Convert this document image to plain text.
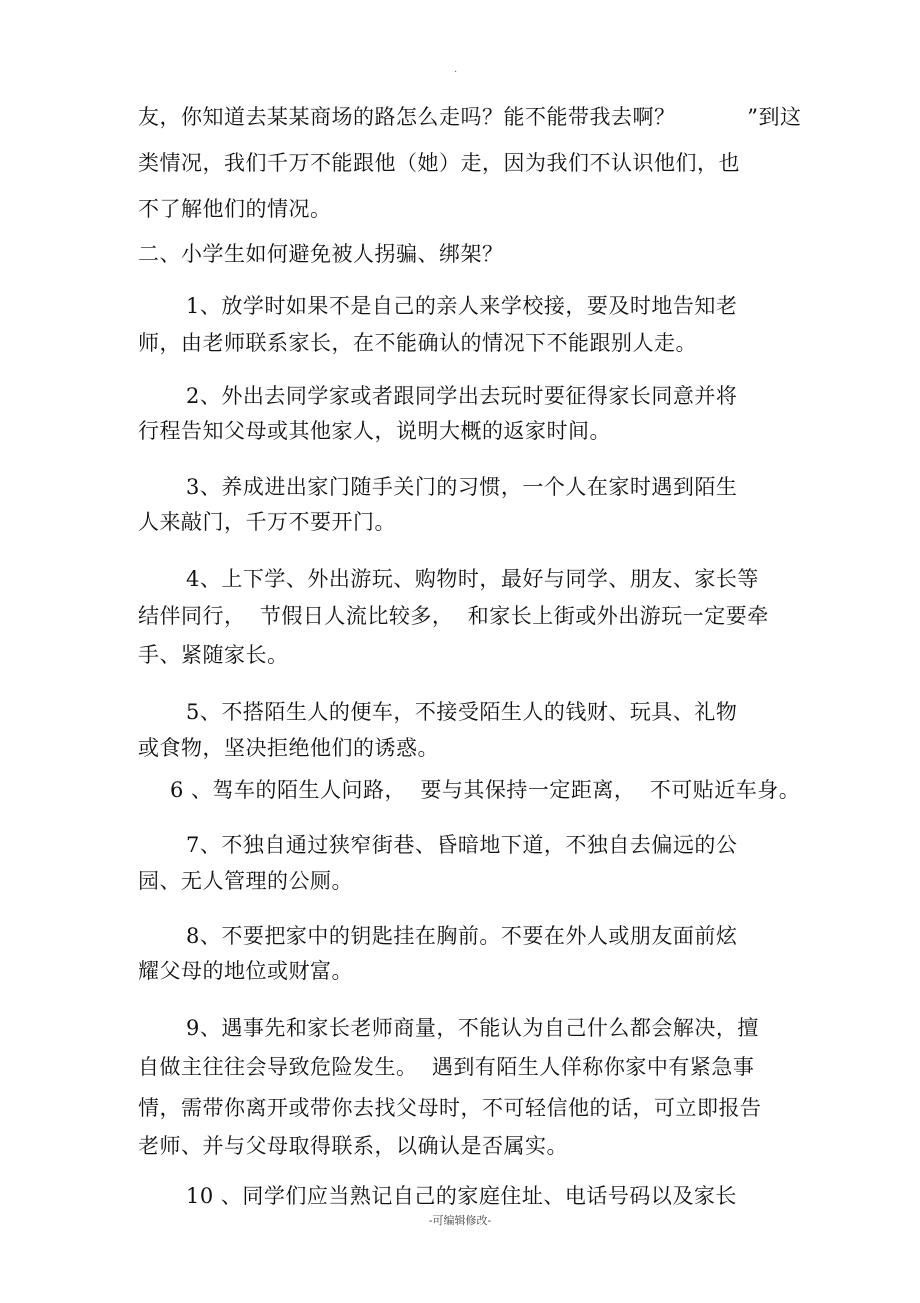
.
友，你知道去某某商场的路怎么走吗？能不能带我去啊？          ”到这
类情况，我们千万不能跟他（她）走，因为我们不认识他们，也
不了解他们的情况。
二、小学生如何避免被人拐骗、绑架？
1、放学时如果不是自己的亲人来学校接，要及时地告知老
师，由老师联系家长，在不能确认的情况下不能跟别人走。
2、外出去同学家或者跟同学出去玩时要征得家长同意并将
行程告知父母或其他家人，说明大概的返家时间。
3、养成进出家门随手关门的习惯，一个人在家时遇到陌生
人来敲门，千万不要开门。
4、上下学、外出游玩、购物时，最好与同学、朋友、家长等
结伴同行，  节假日人流比较多，  和家长上街或外出游玩一定要牵
手、紧随家长。
5、不搭陌生人的便车，不接受陌生人的钱财、玩具、礼物
或食物，坚决拒绝他们的诱惑。
6 、驾车的陌生人问路，  要与其保持一定距离，  不可贴近车身。
7、不独自通过狭窄街巷、昏暗地下道，不独自去偏远的公
园、无人管理的公厕。
8、不要把家中的钥匙挂在胸前。不要在外人或朋友面前炫
耀父母的地位或财富。
9、遇事先和家长老师商量，不能认为自己什么都会解决，擅
自做主往往会导致危险发生。  遇到有陌生人佯称你家中有紧急事
情，需带你离开或带你去找父母时，不可轻信他的话，可立即报告
老师、并与父母取得联系，以确认是否属实。
10 、同学们应当熟记自己的家庭住址、电话号码以及家长
-可编辑修改-
